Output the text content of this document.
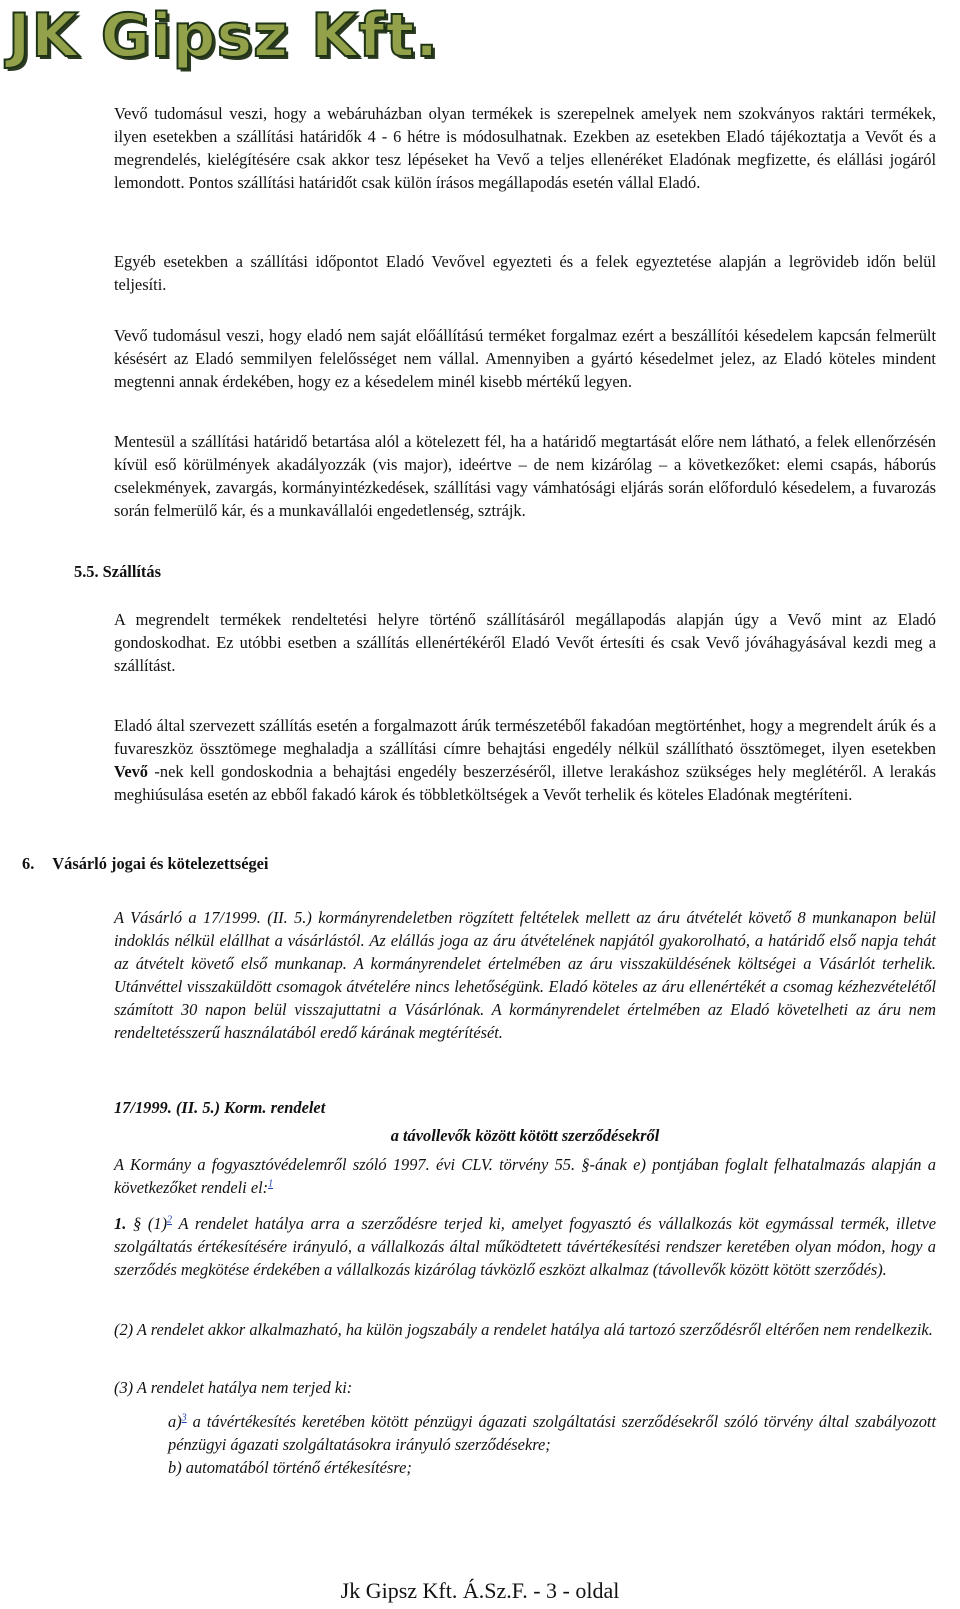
JK Gipsz Kft.

Vevő tudomásul veszi, hogy a webáruházban olyan termékek is szerepelnek amelyek nem szokványos raktári termékek, ilyen esetekben a szállítási határidők 4 - 6 hétre is módosulhatnak. Ezekben az esetekben Eladó tájékoztatja a Vevőt és a megrendelés, kielégítésére csak akkor tesz lépéseket ha Vevő a teljes ellenéréket Eladónak megfizette, és elállási jogáról lemondott. Pontos szállítási határidőt csak külön írásos megállapodás esetén vállal Eladó.

Egyéb esetekben a szállítási időpontot Eladó Vevővel egyezteti és a felek egyeztetése alapján a legrövideb időn belül teljesíti.

Vevő tudomásul veszi, hogy eladó nem saját előállítású terméket forgalmaz ezért a beszállítói késedelem kapcsán felmerült késésért az Eladó semmilyen felelősséget nem vállal. Amennyiben a gyártó késedelmet jelez, az Eladó köteles mindent megtenni annak érdekében, hogy ez a késedelem minél kisebb mértékű legyen.

Mentesül a szállítási határidő betartása alól a kötelezett fél, ha a határidő megtartását előre nem látható, a felek ellenőrzésén kívül eső körülmények akadályozzák (vis major), ideértve – de nem kizárólag – a következőket: elemi csapás, háborús cselekmények, zavargás, kormányintézkedések, szállítási vagy vámhatósági eljárás során előforduló késedelem, a fuvarozás során felmerülő kár, és a munkavállalói engedetlenség, sztrájk.

5.5. Szállítás

A megrendelt termékek rendeltetési helyre történő szállításáról megállapodás alapján úgy a Vevő mint az Eladó gondoskodhat. Ez utóbbi esetben a szállítás ellenértékéről Eladó Vevőt értesíti és csak Vevő jóváhagyásával kezdi meg a szállítást.

Eladó által szervezett szállítás esetén a forgalmazott árúk természetéből fakadóan megtörténhet, hogy a megrendelt árúk és a fuvareszköz össztömege meghaladja a szállítási címre behajtási engedély nélkül szállítható össztömeget, ilyen esetekben Vevő -nek kell gondoskodnia a behajtási engedély beszerzéséről, illetve lerakáshoz szükséges hely meglétéről. A lerakás meghiúsulása esetén az ebből fakadó károk és többletköltségek a Vevőt terhelik és köteles Eladónak megtéríteni.

6. Vásárló jogai és kötelezettségei

A Vásárló a 17/1999. (II. 5.) kormányrendeletben rögzített feltételek mellett az áru átvételét követő 8 munkanapon belül indoklás nélkül elállhat a vásárlástól. Az elállás joga az áru átvételének napjától gyakorolható, a határidő első napja tehát az átvételt követő első munkanap. A kormányrendelet értelmében az áru visszaküldésének költségei a Vásárlót terhelik. Utánvéttel visszaküldött csomagok átvételére nincs lehetőségünk. Eladó köteles az áru ellenértékét a csomag kézhezvételétől számított 30 napon belül visszajuttatni a Vásárlónak. A kormányrendelet értelmében az Eladó követelheti az áru nem rendeltetésszerű használatából eredő kárának megtérítését.

17/1999. (II. 5.) Korm. rendelet

a távollevők között kötött szerződésekről

A Kormány a fogyasztóvédelemről szóló 1997. évi CLV. törvény 55. §-ának e) pontjában foglalt felhatalmazás alapján a következőket rendeli el:$^1$

1. § (1)$^2$ A rendelet hatálya arra a szerződésre terjed ki, amelyet fogyasztó és vállalkozás köt egymással termék, illetve szolgáltatás értékesítésére irányuló, a vállalkozás által működtetett távértékesítési rendszer keretében olyan módon, hogy a szerződés megkötése érdekében a vállalkozás kizárólag távközlő eszközt alkalmaz (távollevők között kötött szerződés).

(2) A rendelet akkor alkalmazható, ha külön jogszabály a rendelet hatálya alá tartozó szerződésről eltérően nem rendelkezik.

(3) A rendelet hatálya nem terjed ki:

a)$^3$ a távértékesítés keretében kötött pénzügyi ágazati szolgáltatási szerződésekről szóló törvény által szabályozott pénzügyi ágazati szolgáltatásokra irányuló szerződésekre;

b) automatából történő értékesítésre;

Jk Gipsz Kft. Á.Sz.F. - 3 - oldal
